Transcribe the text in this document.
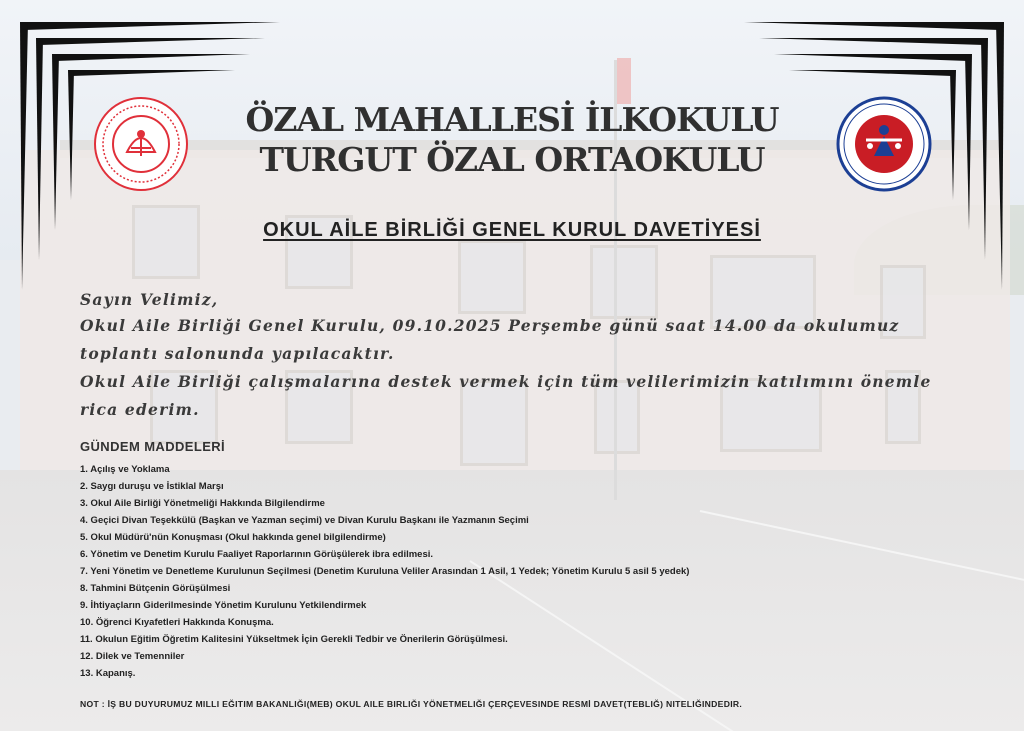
ÖZAL MAHALLESİ İLKOKULU
TURGUT ÖZAL ORTAOKULU
OKUL AİLE BİRLİĞİ GENEL KURUL DAVETİYESİ

Sayın Velimiz,

Okul Aile Birliği Genel Kurulu, 09.10.2025 Perşembe günü saat 14.00 da okulumuz toplantı salonunda yapılacaktır.

Okul Aile Birliği çalışmalarına destek vermek için tüm velilerimizin katılımını önemle rica ederim.

GÜNDEM MADDELERİ
1. Açılış ve Yoklama
2. Saygı duruşu ve İstiklal Marşı
3. Okul Aile Birliği Yönetmeliği Hakkında Bilgilendirme
4. Geçici Divan Teşekkülü (Başkan ve Yazman seçimi) ve Divan Kurulu Başkanı ile Yazmanın Seçimi
5. Okul Müdürü'nün Konuşması (Okul hakkında genel bilgilendirme)
6. Yönetim ve Denetim Kurulu Faaliyet Raporlarının Görüşülerek ibra edilmesi.
7. Yeni Yönetim ve Denetleme Kurulunun Seçilmesi (Denetim Kuruluna Veliler Arasından 1 Asil, 1 Yedek; Yönetim Kurulu 5 asil 5 yedek)
8. Tahmini Bütçenin Görüşülmesi
9. İhtiyaçların Giderilmesinde Yönetim Kurulunu Yetkilendirmek
10. Öğrenci Kıyafetleri Hakkında Konuşma.
11. Okulun Eğitim Öğretim Kalitesini Yükseltmek İçin Gerekli Tedbir ve Önerilerin Görüşülmesi.
12. Dilek ve Temenniler
13. Kapanış.

NOT : İŞ BU DUYURUMUZ MILLI EĞITIM BAKANLIĞI(MEB) OKUL AILE BIRLIĞI YÖNETMELIĞI ÇERÇEVESINDE RESMİ DAVET(TEBLIĞ) NITELIĞINDEDIR.
